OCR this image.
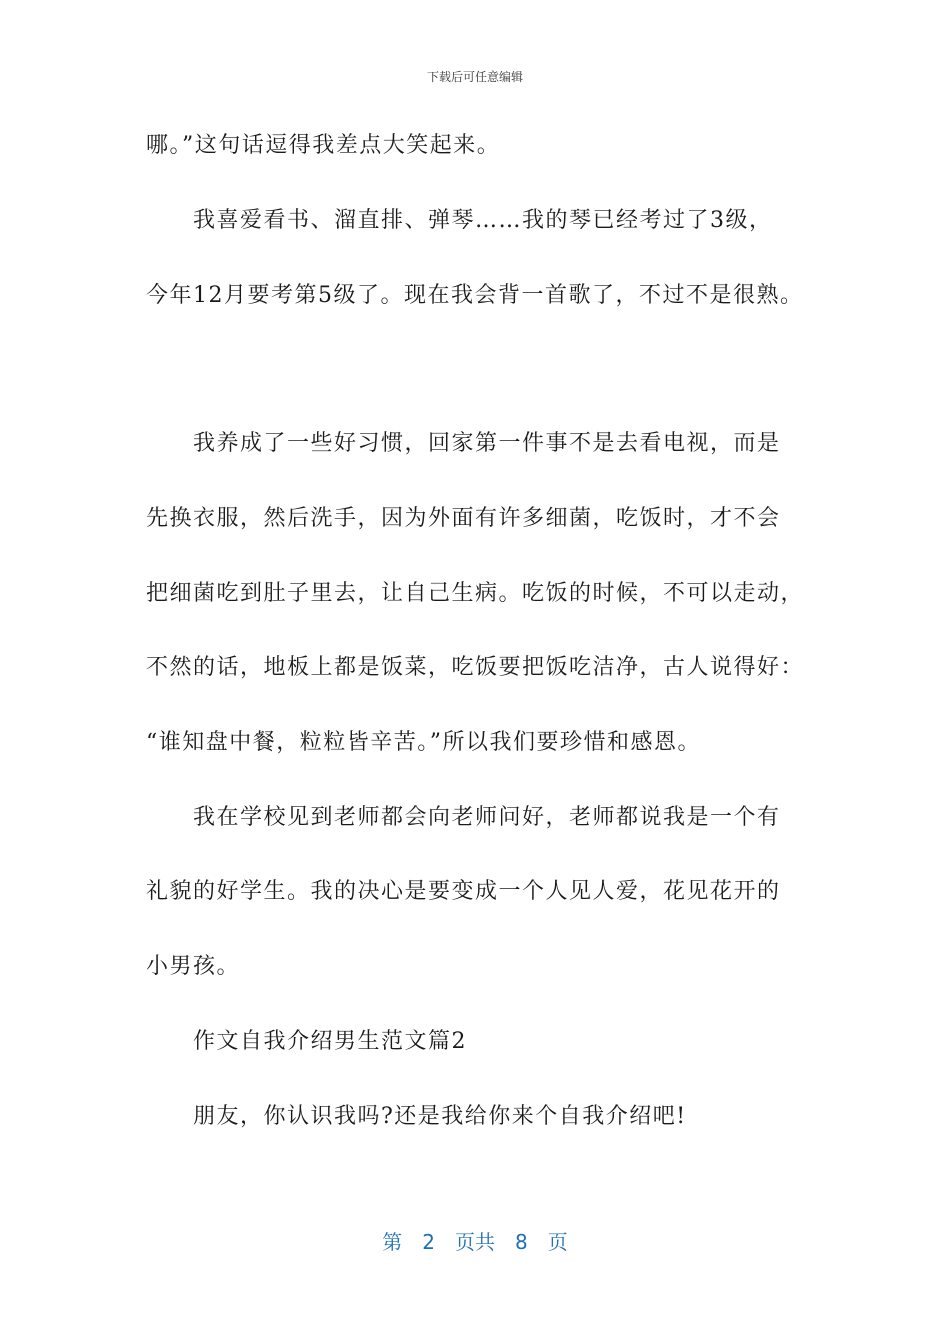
下载后可任意编辑
哪。”这句话逗得我差点大笑起来。
我喜爱看书、溜直排、弹琴……我的琴已经考过了3级，
今年12月要考第5级了。现在我会背一首歌了，不过不是很熟。
我养成了一些好习惯，回家第一件事不是去看电视，而是
先换衣服，然后洗手，因为外面有许多细菌，吃饭时，才不会
把细菌吃到肚子里去，让自己生病。吃饭的时候，不可以走动，
不然的话，地板上都是饭菜，吃饭要把饭吃洁净，古人说得好：
“谁知盘中餐，粒粒皆辛苦。”所以我们要珍惜和感恩。
我在学校见到老师都会向老师问好，老师都说我是一个有
礼貌的好学生。我的决心是要变成一个人见人爱，花见花开的
小男孩。
作文自我介绍男生范文篇2
朋友，你认识我吗?还是我给你来个自我介绍吧!
第 2 页共 8 页
